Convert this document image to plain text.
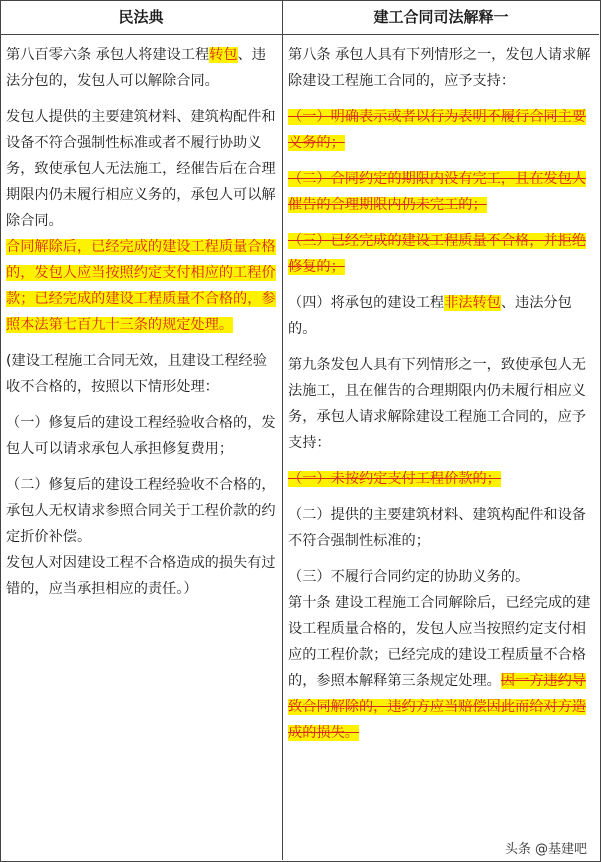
民法典	建工合同司法解释一

第八百零六条 承包人将建设工程转包、违法分包的，发包人可以解除合同。

发包人提供的主要建筑材料、建筑构配件和设备不符合强制性标准或者不履行协助义务，致使承包人无法施工，经催告后在合理期限内仍未履行相应义务的，承包人可以解除合同。

合同解除后，已经完成的建设工程质量合格的，发包人应当按照约定支付相应的工程价款；已经完成的建设工程质量不合格的，参照本法第七百九十三条的规定处理。

(建设工程施工合同无效，且建设工程经验收不合格的，按照以下情形处理：

（一）修复后的建设工程经验收合格的，发包人可以请求承包人承担修复费用；

（二）修复后的建设工程经验收不合格的，承包人无权请求参照合同关于工程价款的约定折价补偿。

发包人对因建设工程不合格造成的损失有过错的，应当承担相应的责任。）

第八条 承包人具有下列情形之一，发包人请求解除建设工程施工合同的，应予支持：

（一）明确表示或者以行为表明不履行合同主要义务的；

（二）合同约定的期限内没有完工，且在发包人催告的合理期限内仍未完工的；

（三）已经完成的建设工程质量不合格，并拒绝修复的；

（四）将承包的建设工程非法转包、违法分包的。

第九条发包人具有下列情形之一，致使承包人无法施工，且在催告的合理期限内仍未履行相应义务，承包人请求解除建设工程施工合同的，应予支持：

（一）未按约定支付工程价款的；

（二）提供的主要建筑材料、建筑构配件和设备不符合强制性标准的；

（三）不履行合同约定的协助义务的。

第十条 建设工程施工合同解除后，已经完成的建设工程质量合格的，发包人应当按照约定支付相应的工程价款；已经完成的建设工程质量不合格的，参照本解释第三条规定处理。因一方违约导致合同解除的，违约方应当赔偿因此而给对方造成的损失。

头条 @基建吧
